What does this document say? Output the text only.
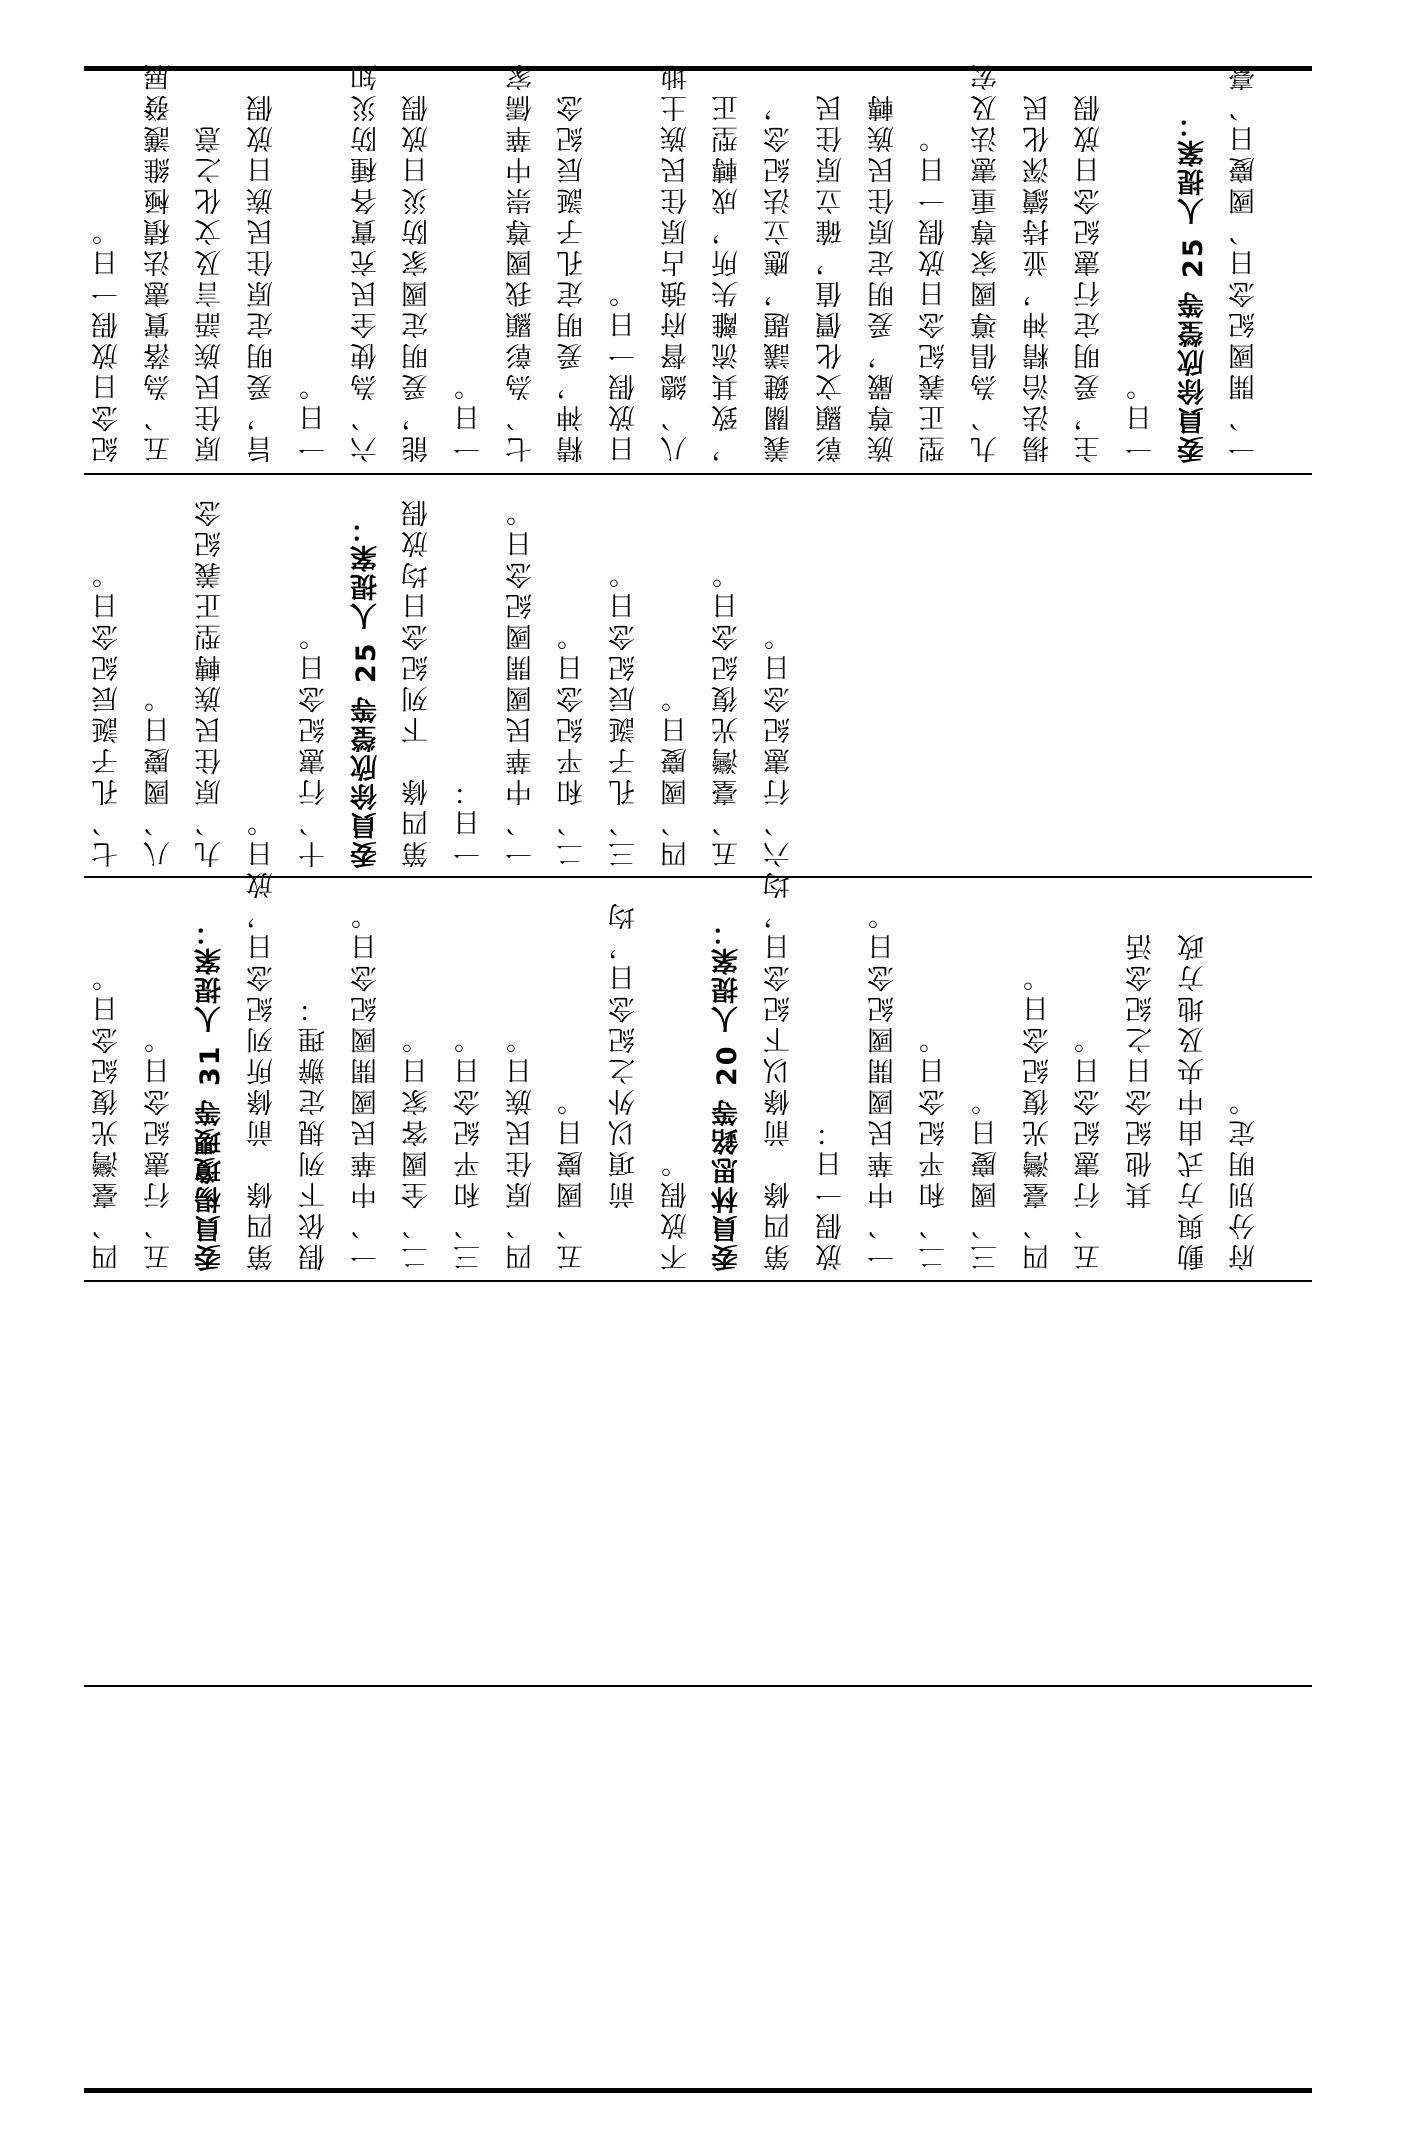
紀念日放假一日。 五、為落實憲法積極維護發展 原住民族語言及文化之意 旨，爰明定原住民族日放假 一日。 六、為使全民充實各種防災知 能，爰明定國家防災日放假 一日。 七、為彰顯我國尊崇中華儒家 精神，爰明定孔子誕辰紀念 日放假一日。 八、總督府強占原住民族土地 ，致其流離失所，成轉型正 義關鍵議題，應立法紀念， 彰顯文化價值，確立原住民 族尊嚴，爰明定原住民族轉 型正義紀念日放假一日。 九、為倡導國家尊重憲法及宏 揚法治精神，並持續深化民 主，爰明定行憲紀念日放假 一日。 委員徐欣瑩等 25 人提案： 一、開國紀念日、國慶日、臺
七、孔子誕辰紀念日。 八、國慶日。 九、原住民族轉型正義紀念 日。 十、行憲紀念日。 委員徐欣瑩等 25 人提案： 第四條　下列紀念日均放假 一日： 一、中華民國開國紀念日。 二、和平紀念日。 三、孔子誕辰紀念日。 四、國慶日。 五、臺灣光復紀念日。 六、行憲紀念日。
四、臺灣光復紀念日。 五、行憲紀念日。 委員楊瓊瓔等 31 人提案： 第四條　前條所列紀念日，放 假依下列規定辦理： 一、中華民國開國紀念日。 二、全國客家日。 三、和平紀念日。 四、原住民族日。 五、國慶日。 　　前項以外之紀念日，均 不放假。 委員林思銘等 20 人提案： 第四條　前條以下紀念日，均 放假一日： 一、中華民國開國紀念日。 二、和平紀念日。 三、國慶日。 四、臺灣光復紀念日。 五、行憲紀念日。 　　其他紀念日之紀念活 動與方式由中央及地方政 府分別明定。
